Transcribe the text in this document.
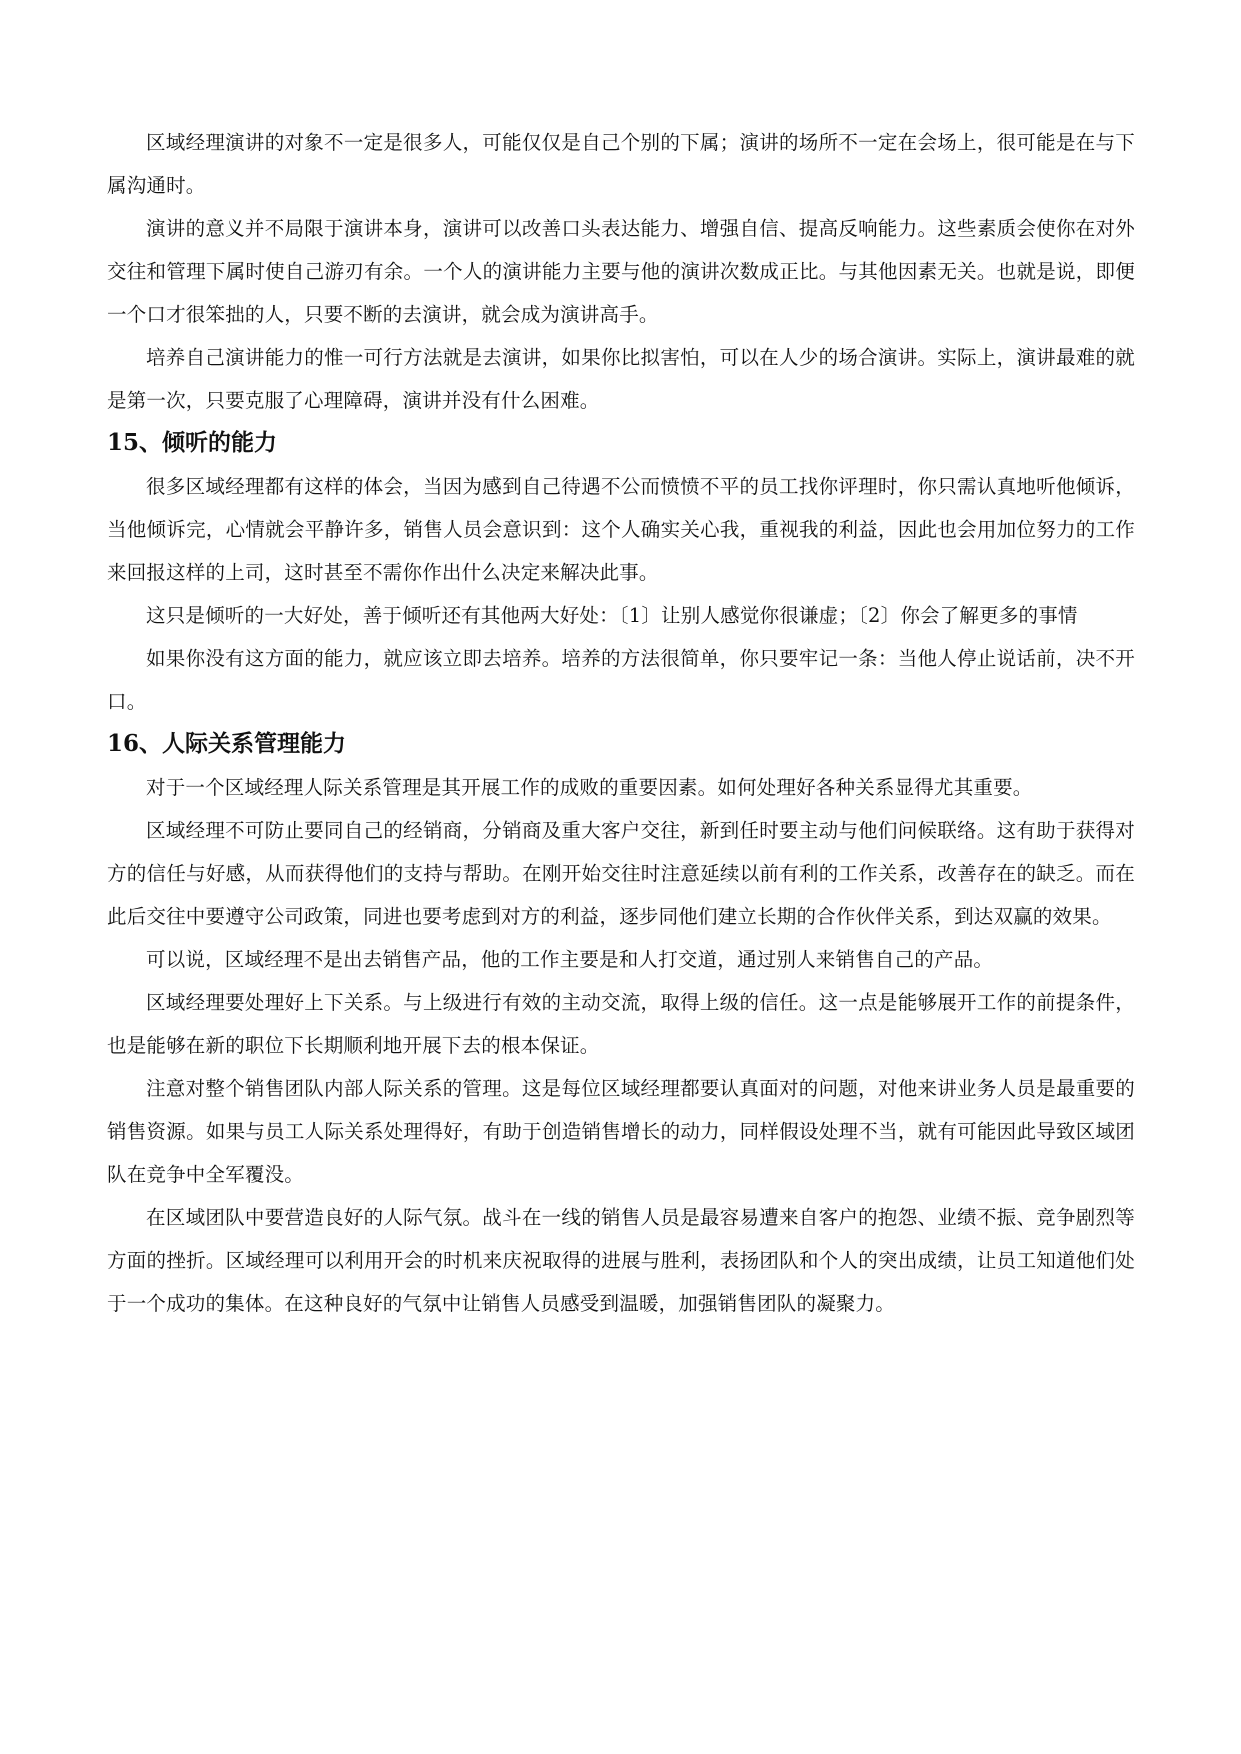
区域经理演讲的对象不一定是很多人，可能仅仅是自己个别的下属；演讲的场所不一定在会场上，很可能是在与下属沟通时。

演讲的意义并不局限于演讲本身，演讲可以改善口头表达能力、增强自信、提高反响能力。这些素质会使你在对外交往和管理下属时使自己游刃有余。一个人的演讲能力主要与他的演讲次数成正比。与其他因素无关。也就是说，即便一个口才很笨拙的人，只要不断的去演讲，就会成为演讲高手。

培养自己演讲能力的惟一可行方法就是去演讲，如果你比拟害怕，可以在人少的场合演讲。实际上，演讲最难的就是第一次，只要克服了心理障碍，演讲并没有什么困难。

15、倾听的能力

很多区域经理都有这样的体会，当因为感到自己待遇不公而愤愤不平的员工找你评理时，你只需认真地听他倾诉，当他倾诉完，心情就会平静许多，销售人员会意识到：这个人确实关心我，重视我的利益，因此也会用加位努力的工作来回报这样的上司，这时甚至不需你作出什么决定来解决此事。

这只是倾听的一大好处，善于倾听还有其他两大好处：〔1〕让别人感觉你很谦虚；〔2〕你会了解更多的事情

如果你没有这方面的能力，就应该立即去培养。培养的方法很简单，你只要牢记一条：当他人停止说话前，决不开口。

16、人际关系管理能力

对于一个区域经理人际关系管理是其开展工作的成败的重要因素。如何处理好各种关系显得尤其重要。

区域经理不可防止要同自己的经销商，分销商及重大客户交往，新到任时要主动与他们问候联络。这有助于获得对方的信任与好感，从而获得他们的支持与帮助。在刚开始交往时注意延续以前有利的工作关系，改善存在的缺乏。而在此后交往中要遵守公司政策，同进也要考虑到对方的利益，逐步同他们建立长期的合作伙伴关系，到达双赢的效果。

可以说，区域经理不是出去销售产品，他的工作主要是和人打交道，通过别人来销售自己的产品。

区域经理要处理好上下关系。与上级进行有效的主动交流，取得上级的信任。这一点是能够展开工作的前提条件，也是能够在新的职位下长期顺利地开展下去的根本保证。

注意对整个销售团队内部人际关系的管理。这是每位区域经理都要认真面对的问题，对他来讲业务人员是最重要的销售资源。如果与员工人际关系处理得好，有助于创造销售增长的动力，同样假设处理不当，就有可能因此导致区域团队在竞争中全军覆没。

在区域团队中要营造良好的人际气氛。战斗在一线的销售人员是最容易遭来自客户的抱怨、业绩不振、竞争剧烈等方面的挫折。区域经理可以利用开会的时机来庆祝取得的进展与胜利，表扬团队和个人的突出成绩，让员工知道他们处于一个成功的集体。在这种良好的气氛中让销售人员感受到温暖，加强销售团队的凝聚力。
